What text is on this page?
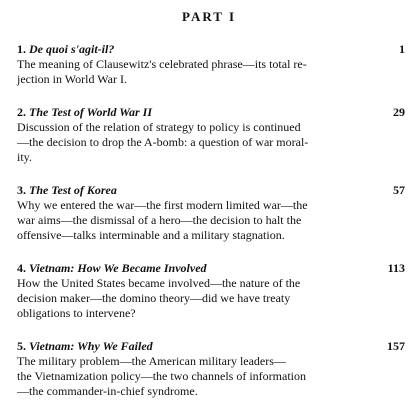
PART I
1. De quoi s'agit-il?	1
The meaning of Clausewitz's celebrated phrase—its total re-
jection in World War I.
2. The Test of World War II	29
Discussion of the relation of strategy to policy is continued
—the decision to drop the A-bomb: a question of war moral-
ity.
3. The Test of Korea	57
Why we entered the war—the first modern limited war—the
war aims—the dismissal of a hero—the decision to halt the
offensive—talks interminable and a military stagnation.
4. Vietnam: How We Became Involved	113
How the United States became involved—the nature of the
decision maker—the domino theory—did we have treaty
obligations to intervene?
5. Vietnam: Why We Failed	157
The military problem—the American military leaders—
the Vietnamization policy—the two channels of information
—the commander-in-chief syndrome.
